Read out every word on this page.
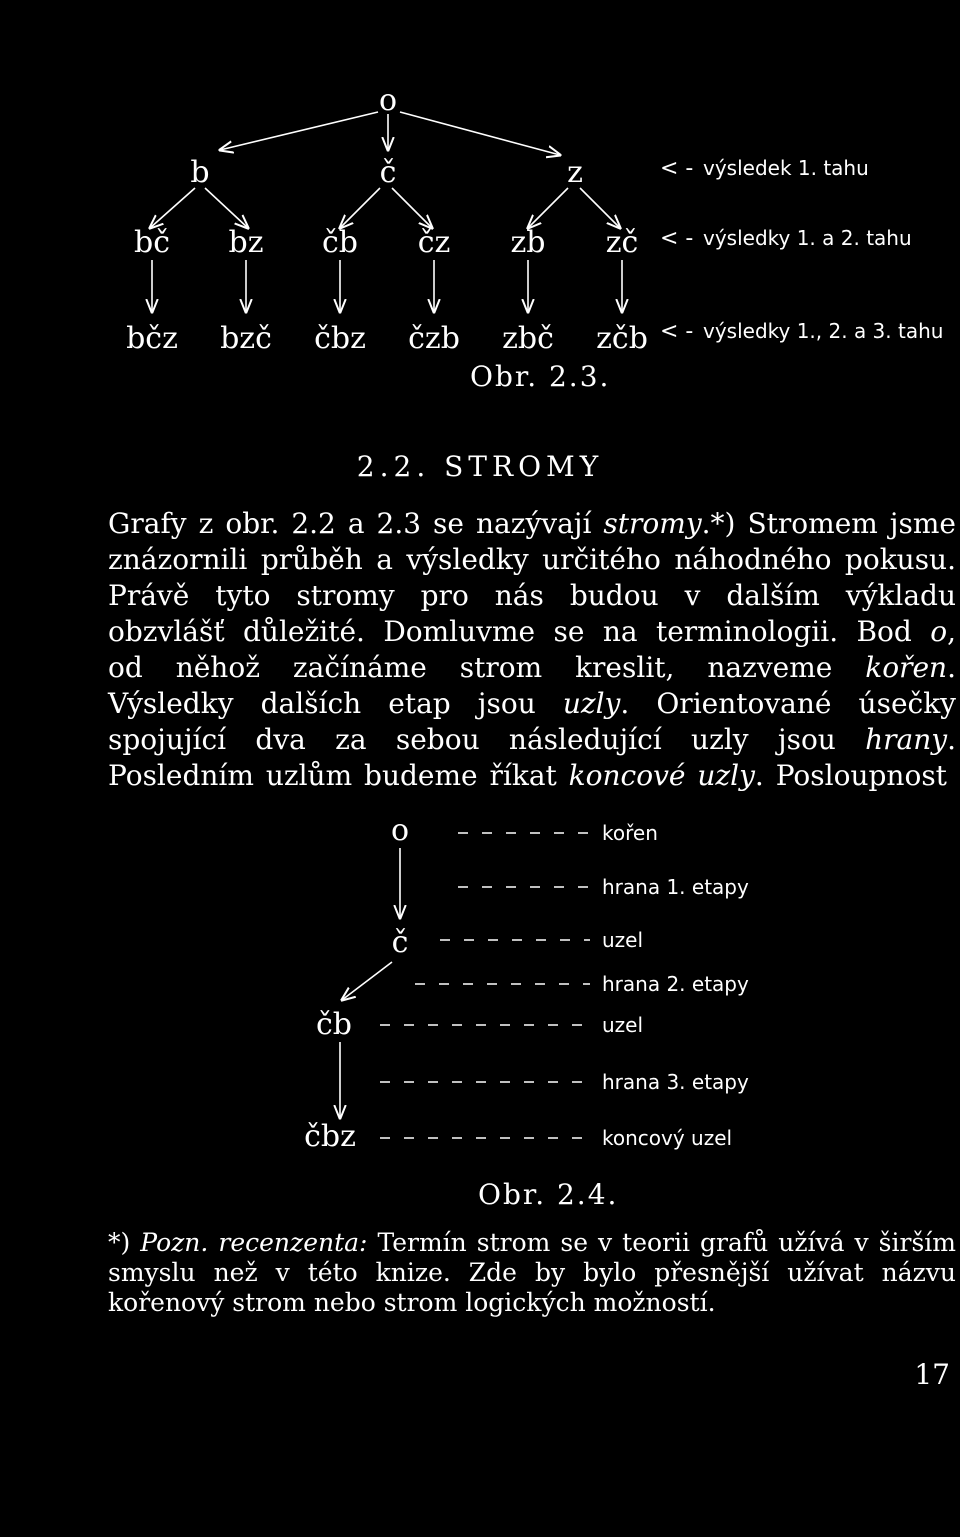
o
b	č	z
bč bz čb čz zb zč
bčz bzč čbz čzb zbč zčb
< - výsledek 1. tahu
< - výsledky 1. a 2. tahu
< - výsledky 1., 2. a 3. tahu
o
č
čb
čbz
kořen
hrana 1. etapy
uzel
hrana 2. etapy
uzel
hrana 3. etapy
koncový uzel
Obr. 2.3.
2.2. STROMY
Grafy z obr. 2.2 a 2.3 se nazývají stromy.*) Stromem jsme znázornili průběh a výsledky určitého náhodného pokusu. Právě tyto stromy pro nás budou v dalším výkladu obzvlášť důležité. Domluvme se na terminologii. Bod o, od něhož začínáme strom kreslit, nazveme kořen. Výsledky dalších etap jsou uzly. Orientované úsečky spojující dva za sebou následující uzly jsou hrany. Posledním uzlům budeme říkat koncové uzly. Posloupnost
Obr. 2.4.
*) Pozn. recenzenta: Termín strom se v teorii grafů užívá v širším smyslu než v této knize. Zde by bylo přesnější užívat názvu kořenový strom nebo strom logických možností.
17
